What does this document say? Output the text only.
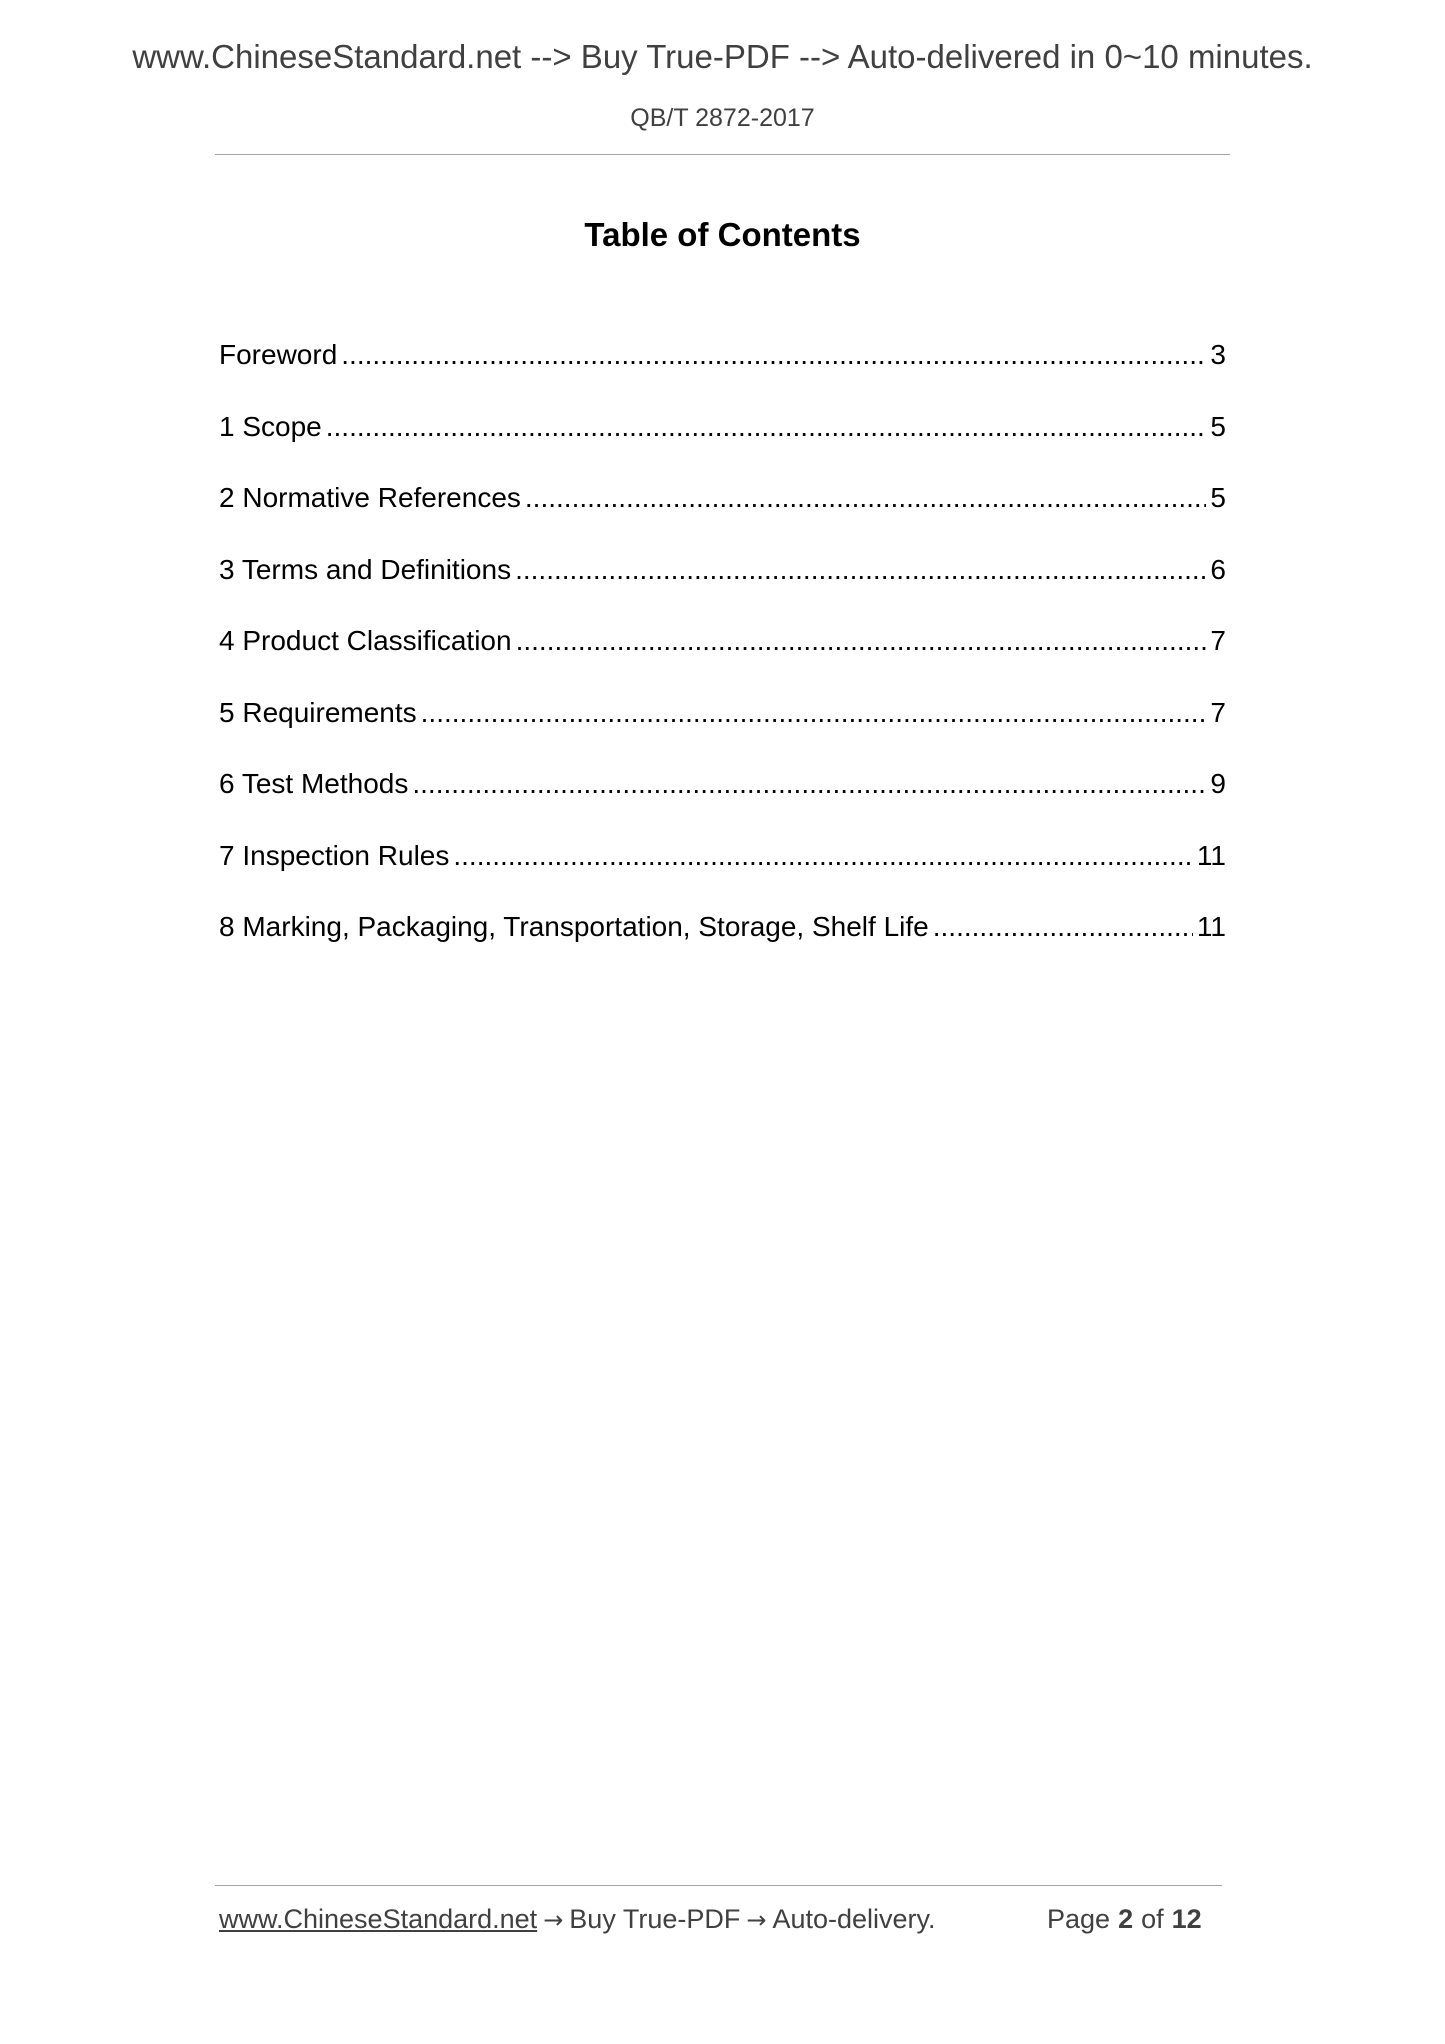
www.ChineseStandard.net --> Buy True-PDF --> Auto-delivered in 0~10 minutes.
QB/T 2872-2017
Table of Contents
Foreword .....	3
1 Scope .....	5
2 Normative References .....	5
3 Terms and Definitions .....	6
4 Product Classification .....	7
5 Requirements .....	7
6 Test Methods .....	9
7 Inspection Rules .....	11
8 Marking, Packaging, Transportation, Storage, Shelf Life .....	11
www.ChineseStandard.net → Buy True-PDF → Auto-delivery.	Page 2 of 12
